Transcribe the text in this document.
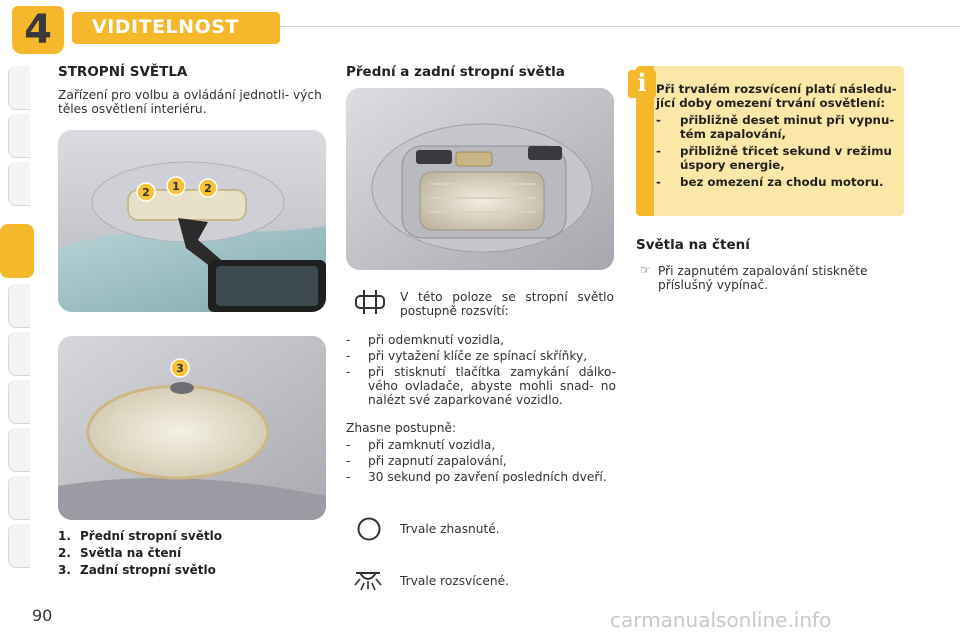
4	VIDITELNOST
STROPNÍ SVĚTLA
Zařízení pro volbu a ovládání jednotli- vých těles osvětlení interiéru.
2 1 2
3
1. Přední stropní světlo
2. Světla na čtení
3. Zadní stropní světlo
Přední a zadní stropní světla
V této poloze se stropní světlo postupně rozsvítí:
-	při odemknutí vozidla,
-	při vytažení klíče ze spínací skříňky,
-	při stisknutí tlačítka zamykání dálko- vého ovladače, abyste mohli snad- no nalézt své zaparkované vozidlo.
Zhasne postupně:
-	při zamknutí vozidla,
-	při zapnutí zapalování,
-	30 sekund po zavření posledních dveří.
Trvale zhasnuté.
Trvale rozsvícené.
i Při trvalém rozsvícení platí následu- jící doby omezení trvání osvětlení:
-	přibližně deset minut při vypnu- tém zapalování,
-	přibližně třicet sekund v režimu úspory energie,
-	bez omezení za chodu motoru.
Světla na čtení
☞ Při zapnutém zapalování stiskněte příslušný vypínač.
90	carmanualsonline.info
